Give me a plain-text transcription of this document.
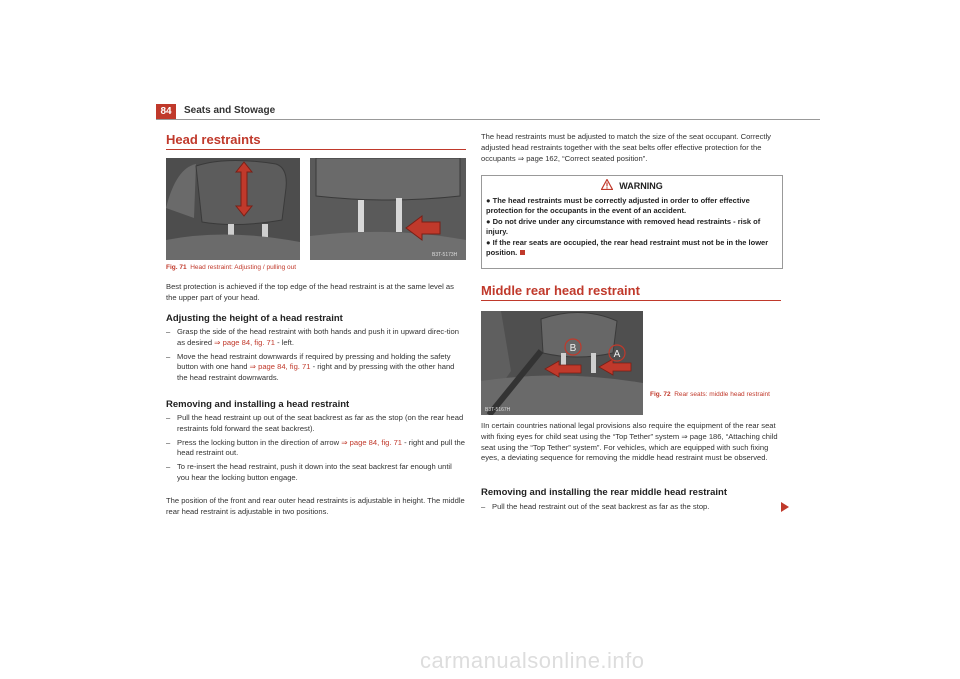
84	Seats and Stowage
Head restraints
B3T-5173H
Fig. 71 Head restraint: Adjusting / pulling out
Best protection is achieved if the top edge of the head restraint is at the same level as the upper part of your head.
Adjusting the height of a head restraint
– Grasp the side of the head restraint with both hands and push it in upward direc-tion as desired ⇒ page 84, fig. 71 - left.
– Move the head restraint downwards if required by pressing and holding the safety button with one hand ⇒ page 84, fig. 71 - right and by pressing with the other hand the head restraint downwards.
Removing and installing a head restraint
– Pull the head restraint up out of the seat backrest as far as the stop (on the rear head restraints fold forward the seat backrest).
– Press the locking button in the direction of arrow ⇒ page 84, fig. 71 - right and pull the head restraint out.
– To re-insert the head restraint, push it down into the seat backrest far enough until you hear the locking button engage.
The position of the front and rear outer head restraints is adjustable in height. The middle rear head restraint is adjustable in two positions.
The head restraints must be adjusted to match the size of the seat occupant. Correctly adjusted head restraints together with the seat belts offer effective protection for the occupants ⇒ page 162, “Correct seated position”.
WARNING
● The head restraints must be correctly adjusted in order to offer effective protection for the occupants in the event of an accident.
● Do not drive under any circumstance with removed head restraints - risk of injury.
● If the rear seats are occupied, the rear head restraint must not be in the lower position.
Middle rear head restraint
B
A
B3T-5167H
Fig. 72 Rear seats: middle head restraint
IIn certain countries national legal provisions also require the equipment of the rear seat with fixing eyes for child seat using the “Top Tether” system ⇒ page 186, “Attaching child seat using the “Top Tether” system”. For vehicles, which are equipped with such fixing eyes, a deviating sequence for removing the middle head restraint must be observed.
Removing and installing the rear middle head restraint
– Pull the head restraint out of the seat backrest as far as the stop.
carmanualsonline.info
